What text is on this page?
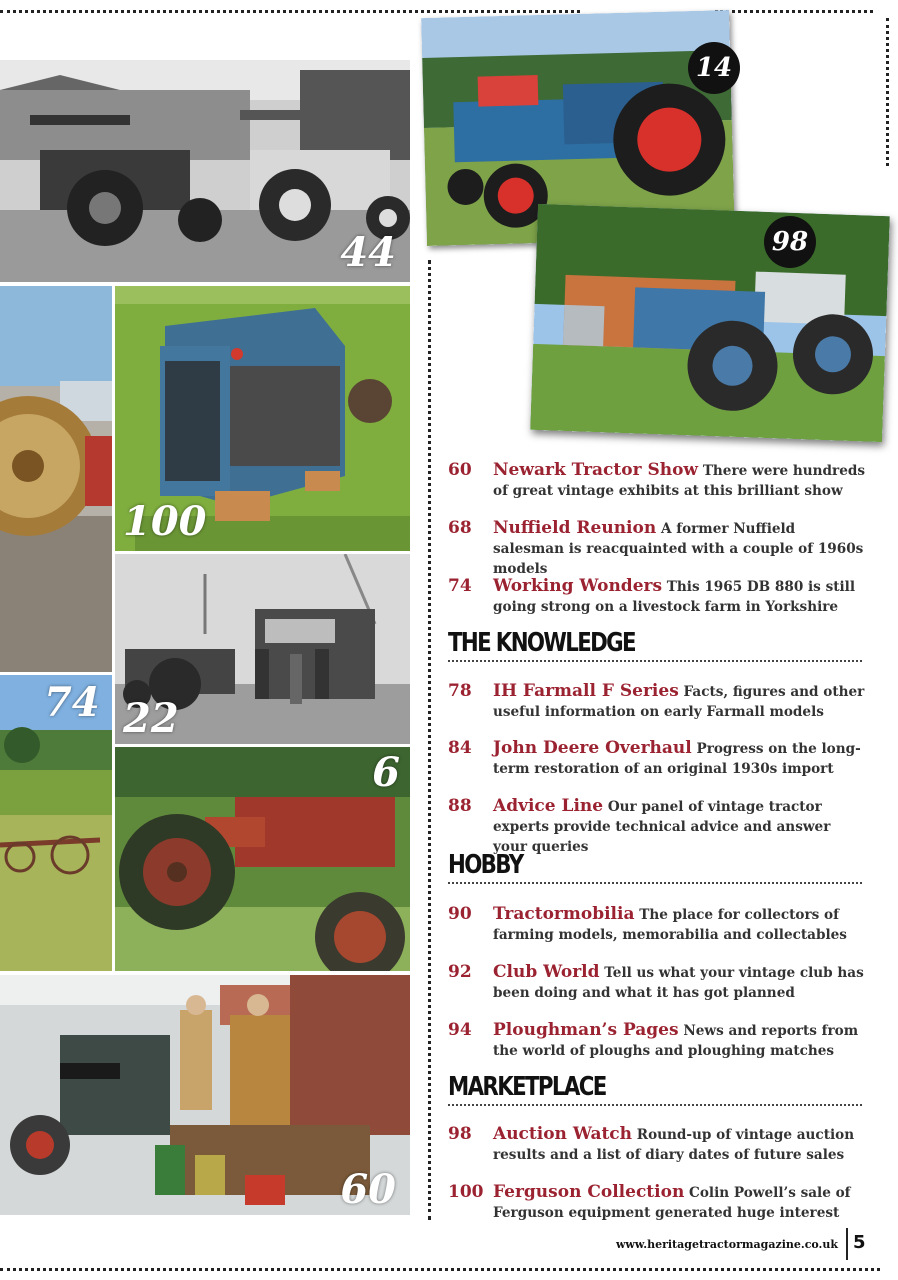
44
100
22
74
6
60
14
98
60	Newark Tractor Show There were hundreds of great vintage exhibits at this brilliant show
68	Nuffield Reunion A former Nuffield salesman is reacquainted with a couple of 1960s models
74	Working Wonders This 1965 DB 880 is still going strong on a livestock farm in Yorkshire
THE KNOWLEDGE
78	IH Farmall F Series Facts, figures and other useful information on early Farmall models
84	John Deere Overhaul Progress on the long-term restoration of an original 1930s import
88	Advice Line Our panel of vintage tractor experts provide technical advice and answer your queries
HOBBY
90	Tractormobilia The place for collectors of farming models, memorabilia and collectables
92	Club World Tell us what your vintage club has been doing and what it has got planned
94	Ploughman’s Pages News and reports from the world of ploughs and ploughing matches
MARKETPLACE
98	Auction Watch Round-up of vintage auction results and a list of diary dates of future sales
100 Ferguson Collection Colin Powell’s sale of Ferguson equipment generated huge interest
www.heritagetractormagazine.co.uk 5
